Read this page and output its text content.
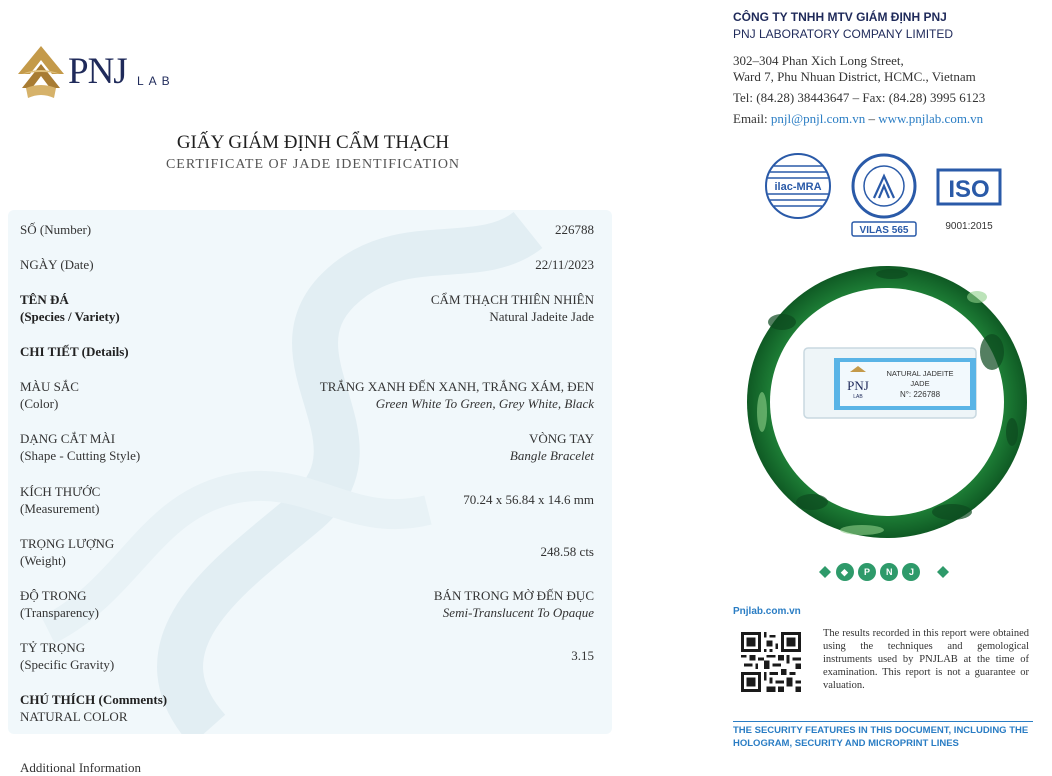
PNJ LAB
GIẤY GIÁM ĐỊNH CẨM THẠCH
CERTIFICATE OF JADE IDENTIFICATION
SỐ (Number)	226788
NGÀY (Date)	22/11/2023
TÊN ĐÁ
(Species / Variety)
CẨM THẠCH THIÊN NHIÊN
Natural Jadeite Jade
CHI TIẾT (Details)
MÀU SẮC
(Color)
TRẮNG XANH ĐẾN XANH, TRẮNG XÁM, ĐEN
Green White To Green, Grey White, Black
DẠNG CẮT MÀI
(Shape - Cutting Style)
VÒNG TAY
Bangle Bracelet
KÍCH THƯỚC
(Measurement)
70.24 x 56.84 x 14.6 mm
TRỌNG LƯỢNG
(Weight)
248.58 cts
ĐỘ TRONG
(Transparency)
BÁN TRONG MỜ ĐẾN ĐỤC
Semi-Translucent To Opaque
TỶ TRỌNG
(Specific Gravity)
3.15
CHÚ THÍCH (Comments)
NATURAL COLOR
Additional Information
CÔNG TY TNHH MTV GIÁM ĐỊNH PNJ
PNJ LABORATORY COMPANY LIMITED
302–304 Phan Xich Long Street,
Ward 7, Phu Nhuan District, HCMC., Vietnam
Tel: (84.28) 38443647 – Fax: (84.28) 3995 6123
Email: pnjl@pnjl.com.vn – www.pnjlab.com.vn
ilac-MRA
VILAS 565
ISO
9001:2015
PNJ
LAB
NATURAL JADEITE
JADE
N°: 226788
◆ P N J
Pnjlab.com.vn
The results recorded in this report were obtained using the techniques and gemological instruments used by PNJLAB at the time of examination. This report is not a guarantee or valuation.
THE SECURITY FEATURES IN THIS DOCUMENT, INCLUDING THE HOLOGRAM, SECURITY AND MICROPRINT LINES
